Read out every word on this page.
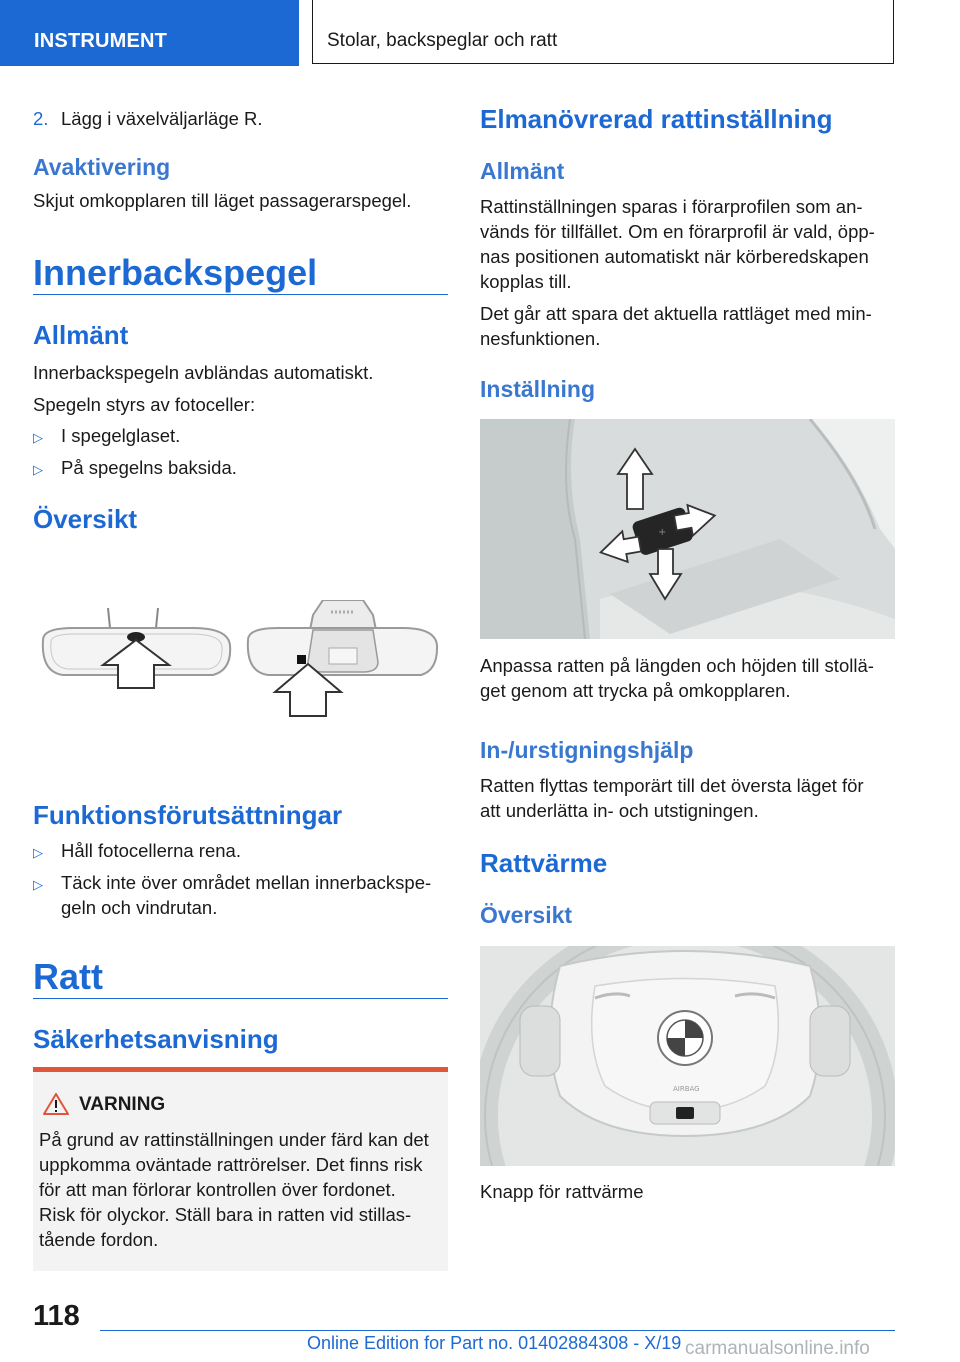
INSTRUMENT	Stolar, backspeglar och ratt
2. Lägg i växelväljarläge R.
Avaktivering
Skjut omkopplaren till läget passagerarspegel.
Innerbackspegel
Allmänt
Innerbackspegeln avbländas automatiskt.
Spegeln styrs av fotoceller:
▷ I spegelglaset.
▷ På spegelns baksida.
Översikt
Funktionsförutsättningar
▷ Håll fotocellerna rena.
▷ Täck inte över området mellan innerbackspe-
geln och vindrutan.
Ratt
Säkerhetsanvisning
VARNING
På grund av rattinställningen under färd kan det
uppkomma oväntade rattrörelser. Det finns risk
för att man förlorar kontrollen över fordonet.
Risk för olyckor. Ställ bara in ratten vid stillas-
tående fordon.
Elmanövrerad rattinställning
Allmänt
Rattinställningen sparas i förarprofilen som an-
vänds för tillfället. Om en förarprofil är vald, öpp-
nas positionen automatiskt när körberedskapen
kopplas till.
Det går att spara det aktuella rattläget med min-
nesfunktionen.
Inställning
+
Anpassa ratten på längden och höjden till stollä-
get genom att trycka på omkopplaren.
In-/urstigningshjälp
Ratten flyttas temporärt till det översta läget för
att underlätta in- och utstigningen.
Rattvärme
Översikt
AIRBAG
Knapp för rattvärme
118
Online Edition for Part no. 01402884308 - X/19 carmanualsonline.info
